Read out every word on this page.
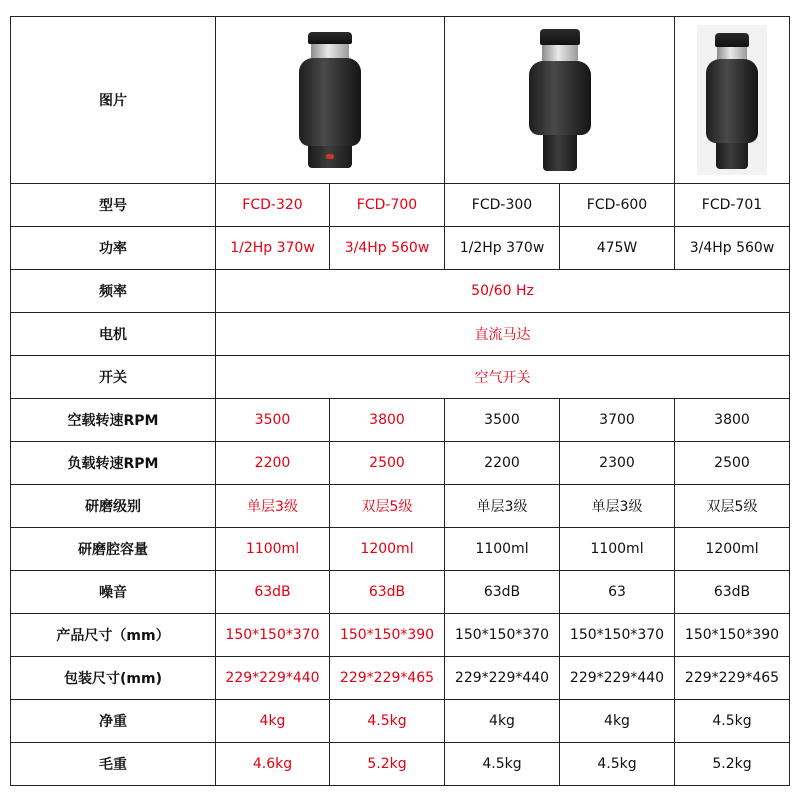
图片			

型号	FCD-320	FCD-700	FCD-300	FCD-600	FCD-701
功率	1/2Hp 370w	3/4Hp 560w	1/2Hp 370w	475W	3/4Hp 560w
频率	50/60 Hz				
电机	直流马达				
开关	空气开关				
空载转速RPM	3500	3800	3500	3700	3800
负载转速RPM	2200	2500	2200	2300	2500
研磨级别	单层3级	双层5级	单层3级	单层3级	双层5级
研磨腔容量	1100ml	1200ml	1100ml	1100ml	1200ml
噪音	63dB	63dB	63dB	63	63dB
产品尺寸（mm）	150*150*370	150*150*390	150*150*370	150*150*370	150*150*390
包装尺寸(mm)	229*229*440	229*229*465	229*229*440	229*229*440	229*229*465
净重	4kg	4.5kg	4kg	4kg	4.5kg
毛重	4.6kg	5.2kg	4.5kg	4.5kg	5.2kg
